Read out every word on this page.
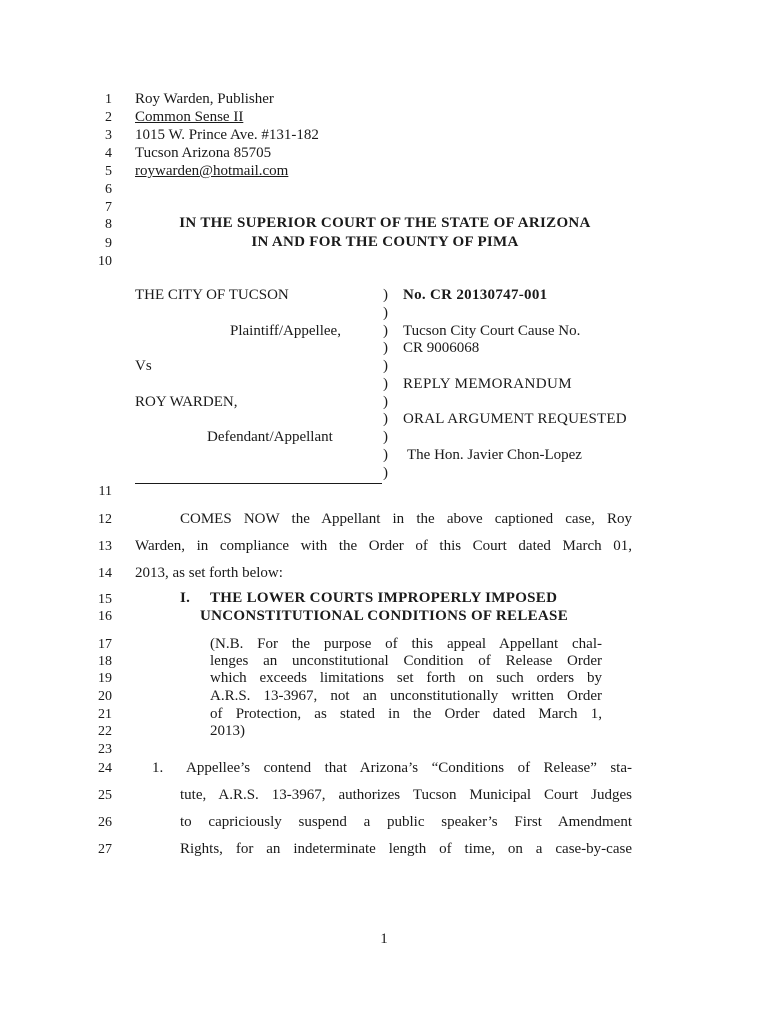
1
2
3
4
5
6
7
8
9
10
11
12
13
14
15
16
17
18
19
20
21
22
23
24
25
26
27
Roy Warden, Publisher
Common Sense II
1015 W. Prince Ave. #131-182
Tucson Arizona 85705
roywarden@hotmail.com
IN THE SUPERIOR COURT OF THE STATE OF ARIZONA
IN AND FOR THE COUNTY OF PIMA
THE CITY OF TUCSON
Plaintiff/Appellee,
Vs
ROY WARDEN,
Defendant/Appellant
)
)
)
)
)
)
)
)
)
)
)
No. CR 20130747-001
Tucson City Court Cause No.
CR 9006068
REPLY MEMORANDUM
ORAL ARGUMENT REQUESTED
The Hon. Javier Chon-Lopez
COMES NOW the Appellant in the above captioned case, Roy
Warden, in compliance with the Order of this Court dated March 01,
2013, as set forth below:
I. THE LOWER COURTS IMPROPERLY IMPOSED
UNCONSTITUTIONAL CONDITIONS OF RELEASE
(N.B. For the purpose of this appeal Appellant chal-
lenges an unconstitutional Condition of Release Order
which exceeds limitations set forth on such orders by
A.R.S. 13-3967, not an unconstitutionally written Order
of Protection, as stated in the Order dated March 1,
2013)
1. Appellee’s contend that Arizona’s “Conditions of Release” sta-
tute, A.R.S. 13-3967, authorizes Tucson Municipal Court Judges
to capriciously suspend a public speaker’s First Amendment
Rights, for an indeterminate length of time, on a case-by-case
1
